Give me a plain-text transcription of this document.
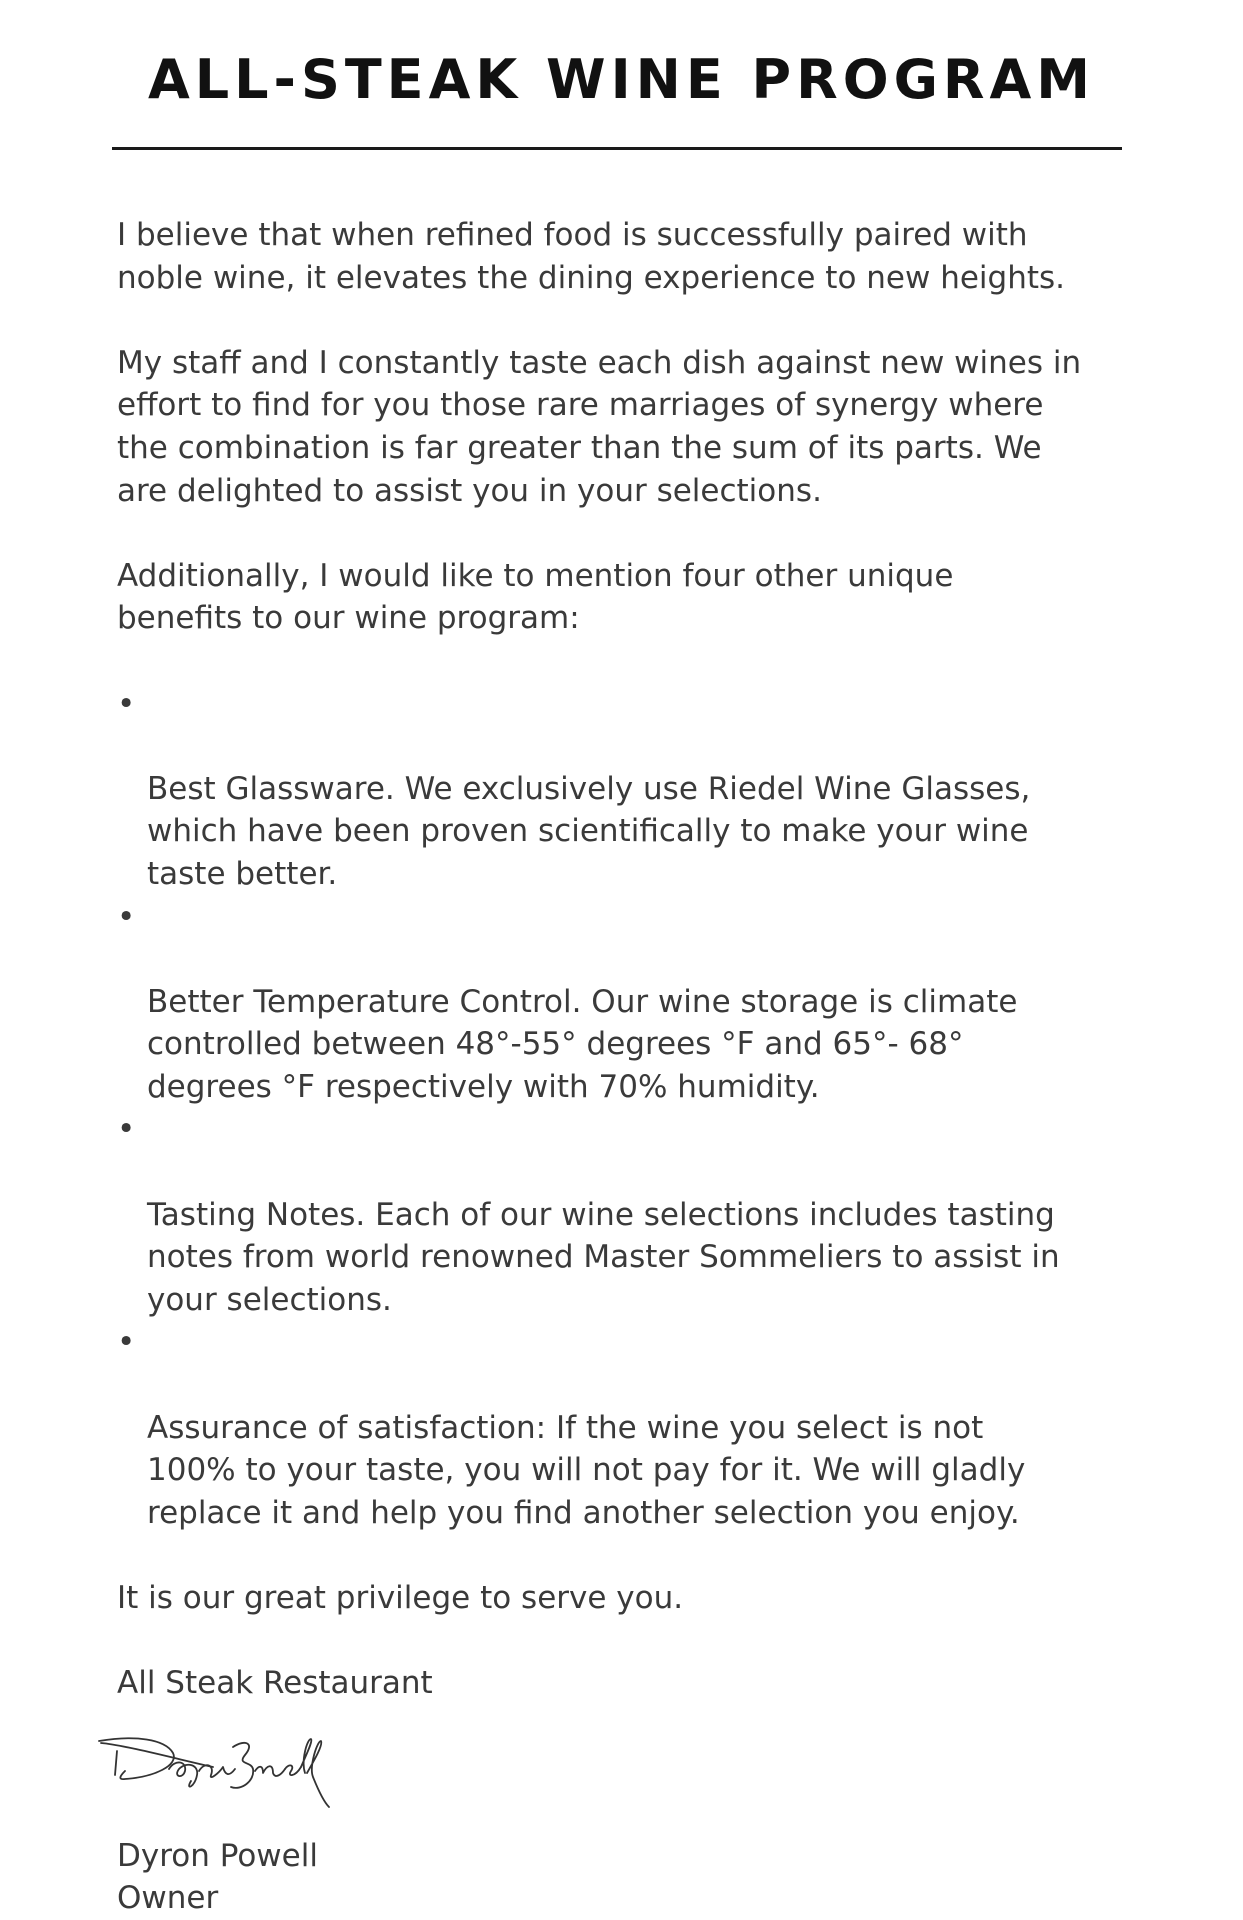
ALL-STEAK WINE PROGRAM

I believe that when refined food is successfully paired with
noble wine, it elevates the dining experience to new heights.

My staff and I constantly taste each dish against new wines in
effort to find for you those rare marriages of synergy where
the combination is far greater than the sum of its parts. We
are delighted to assist you in your selections.

Additionally, I would like to mention four other unique
benefits to our wine program:

•

Best Glassware. We exclusively use Riedel Wine Glasses,
which have been proven scientifically to make your wine
taste better.

•

Better Temperature Control. Our wine storage is climate
controlled between 48°-55° degrees °F and 65°- 68°
degrees °F respectively with 70% humidity.

•

Tasting Notes. Each of our wine selections includes tasting
notes from world renowned Master Sommeliers to assist in
your selections.

•

Assurance of satisfaction: If the wine you select is not
100% to your taste, you will not pay for it. We will gladly
replace it and help you find another selection you enjoy.

It is our great privilege to serve you.

All Steak Restaurant

Dyron Powell

Owner
